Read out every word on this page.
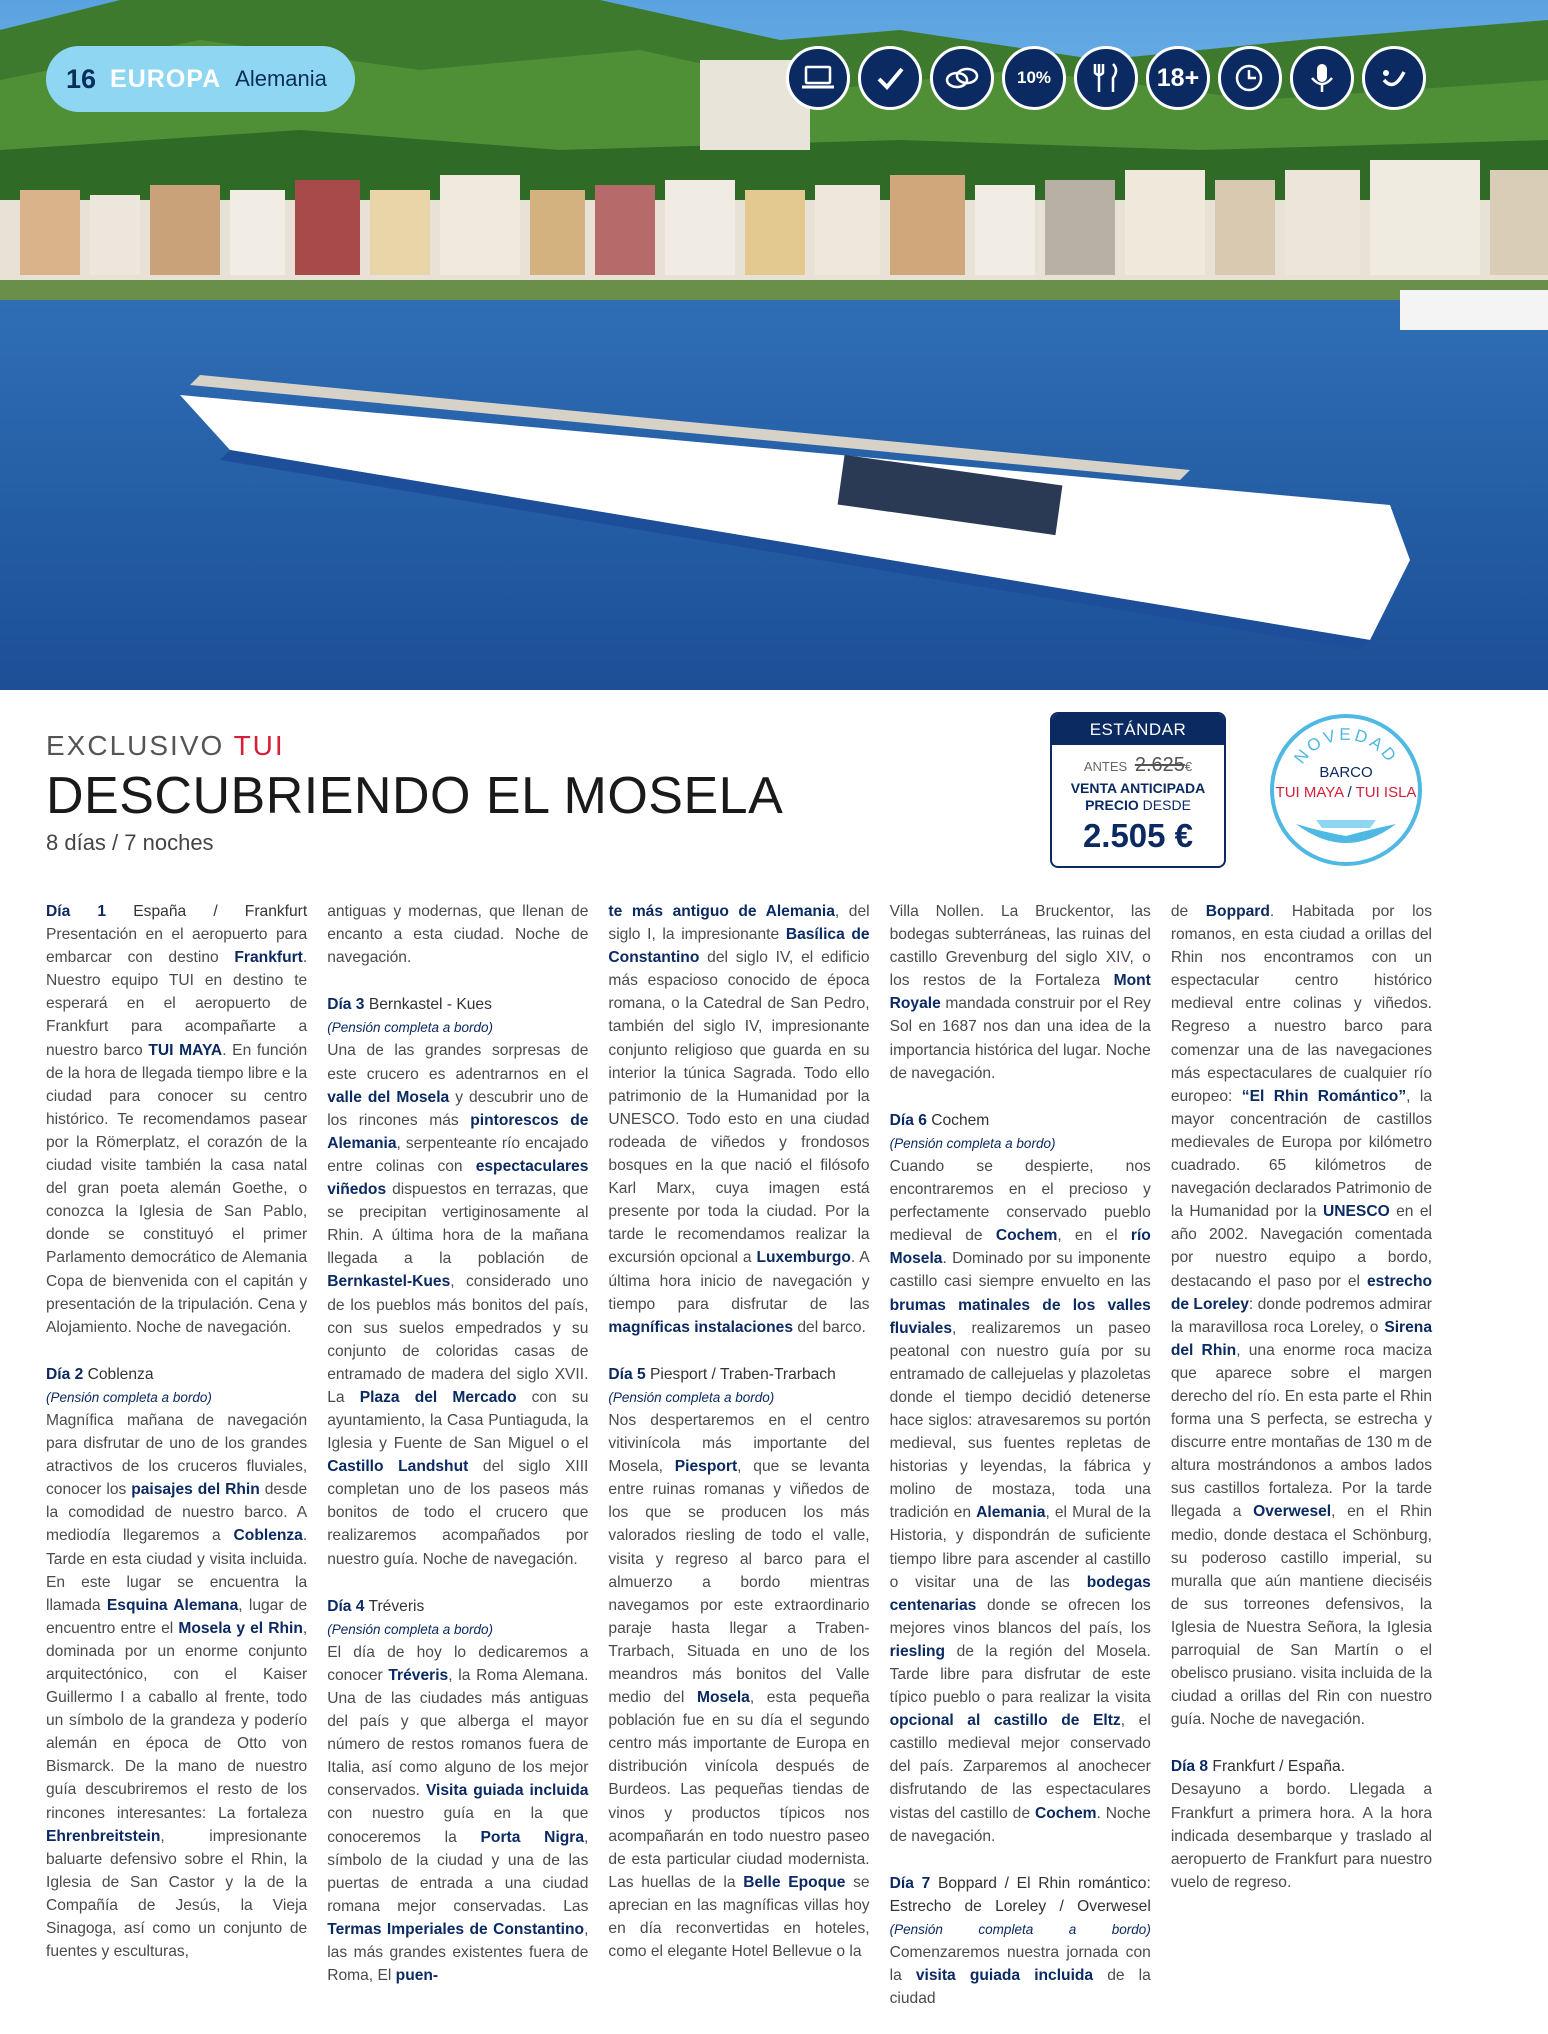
16 EUROPA Alemania	10%	18+
EXCLUSIVO TUI
DESCUBRIENDO EL MOSELA
8 días / 7 noches
ESTÁNDAR
ANTES 2.625€
VENTA ANTICIPADA
PRECIO DESDE
2.505 €
NOVEDAD
BARCO
TUI MAYA / TUI ISLA

Día 1 España / Frankfurt Presentación en el aeropuerto para embarcar con destino Frankfurt. Nuestro equipo TUI en destino te esperará en el aeropuerto de Frankfurt para acompañarte a nuestro barco TUI MAYA. En función de la hora de llegada tiempo libre e la ciudad para conocer su centro histórico. Te recomendamos pasear por la Römerplatz, el corazón de la ciudad visite también la casa natal del gran poeta alemán Goethe, o conozca la Iglesia de San Pablo, donde se constituyó el primer Parlamento democrático de Alemania Copa de bienvenida con el capitán y presentación de la tripulación. Cena y Alojamiento. Noche de navegación.

Día 2 Coblenza
(Pensión completa a bordo)
Magnífica mañana de navegación para disfrutar de uno de los grandes atractivos de los cruceros fluviales, conocer los paisajes del Rhin desde la comodidad de nuestro barco. A mediodía llegaremos a Coblenza. Tarde en esta ciudad y visita incluida. En este lugar se encuentra la llamada Esquina Alemana, lugar de encuentro entre el Mosela y el Rhin, dominada por un enorme conjunto arquitectónico, con el Kaiser Guillermo I a caballo al frente, todo un símbolo de la grandeza y poderío alemán en época de Otto von Bismarck. De la mano de nuestro guía descubriremos el resto de los rincones interesantes: La fortaleza Ehrenbreitstein, impresionante baluarte defensivo sobre el Rhin, la Iglesia de San Castor y la de la Compañía de Jesús, la Vieja Sinagoga, así como un conjunto de fuentes y esculturas,

antiguas y modernas, que llenan de encanto a esta ciudad. Noche de navegación.

Día 3 Bernkastel - Kues
(Pensión completa a bordo)
Una de las grandes sorpresas de este crucero es adentrarnos en el valle del Mosela y descubrir uno de los rincones más pintorescos de Alemania, serpenteante río encajado entre colinas con espectaculares viñedos dispuestos en terrazas, que se precipitan vertiginosamente al Rhin. A última hora de la mañana llegada a la población de Bernkastel-Kues, considerado uno de los pueblos más bonitos del país, con sus suelos empedrados y su conjunto de coloridas casas de entramado de madera del siglo XVII. La Plaza del Mercado con su ayuntamiento, la Casa Puntiaguda, la Iglesia y Fuente de San Miguel o el Castillo Landshut del siglo XIII completan uno de los paseos más bonitos de todo el crucero que realizaremos acompañados por nuestro guía. Noche de navegación.

Día 4 Tréveris
(Pensión completa a bordo)
El día de hoy lo dedicaremos a conocer Tréveris, la Roma Alemana. Una de las ciudades más antiguas del país y que alberga el mayor número de restos romanos fuera de Italia, así como alguno de los mejor conservados. Visita guiada incluida con nuestro guía en la que conoceremos la Porta Nigra, símbolo de la ciudad y una de las puertas de entrada a una ciudad romana mejor conservadas. Las Termas Imperiales de Constantino, las más grandes existentes fuera de Roma, El puen-

te más antiguo de Alemania, del siglo I, la impresionante Basílica de Constantino del siglo IV, el edificio más espacioso conocido de época romana, o la Catedral de San Pedro, también del siglo IV, impresionante conjunto religioso que guarda en su interior la túnica Sagrada. Todo ello patrimonio de la Humanidad por la UNESCO. Todo esto en una ciudad rodeada de viñedos y frondosos bosques en la que nació el filósofo Karl Marx, cuya imagen está presente por toda la ciudad. Por la tarde le recomendamos realizar la excursión opcional a Luxemburgo. A última hora inicio de navegación y tiempo para disfrutar de las magníficas instalaciones del barco.

Día 5 Piesport / Traben-Trarbach
(Pensión completa a bordo)
Nos despertaremos en el centro vitivinícola más importante del Mosela, Piesport, que se levanta entre ruinas romanas y viñedos de los que se producen los más valorados riesling de todo el valle, visita y regreso al barco para el almuerzo a bordo mientras navegamos por este extraordinario paraje hasta llegar a Traben-Trarbach, Situada en uno de los meandros más bonitos del Valle medio del Mosela, esta pequeña población fue en su día el segundo centro más importante de Europa en distribución vinícola después de Burdeos. Las pequeñas tiendas de vinos y productos típicos nos acompañarán en todo nuestro paseo de esta particular ciudad modernista. Las huellas de la Belle Epoque se aprecian en las magníficas villas hoy en día reconvertidas en hoteles, como el elegante Hotel Bellevue o la

Villa Nollen. La Bruckentor, las bodegas subterráneas, las ruinas del castillo Grevenburg del siglo XIV, o los restos de la Fortaleza Mont Royale mandada construir por el Rey Sol en 1687 nos dan una idea de la importancia histórica del lugar. Noche de navegación.

Día 6 Cochem
(Pensión completa a bordo)
Cuando se despierte, nos encontraremos en el precioso y perfectamente conservado pueblo medieval de Cochem, en el río Mosela. Dominado por su imponente castillo casi siempre envuelto en las brumas matinales de los valles fluviales, realizaremos un paseo peatonal con nuestro guía por su entramado de callejuelas y plazoletas donde el tiempo decidió detenerse hace siglos: atravesaremos su portón medieval, sus fuentes repletas de historias y leyendas, la fábrica y molino de mostaza, toda una tradición en Alemania, el Mural de la Historia, y dispondrán de suficiente tiempo libre para ascender al castillo o visitar una de las bodegas centenarias donde se ofrecen los mejores vinos blancos del país, los riesling de la región del Mosela. Tarde libre para disfrutar de este típico pueblo o para realizar la visita opcional al castillo de Eltz, el castillo medieval mejor conservado del país. Zarparemos al anochecer disfrutando de las espectaculares vistas del castillo de Cochem. Noche de navegación.

Día 7 Boppard / El Rhin romántico: Estrecho de Loreley / Overwesel (Pensión completa a bordo) Comenzaremos nuestra jornada con la visita guiada incluida de la ciudad

de Boppard. Habitada por los romanos, en esta ciudad a orillas del Rhin nos encontramos con un espectacular centro histórico medieval entre colinas y viñedos. Regreso a nuestro barco para comenzar una de las navegaciones más espectaculares de cualquier río europeo: “El Rhin Romántico”, la mayor concentración de castillos medievales de Europa por kilómetro cuadrado. 65 kilómetros de navegación declarados Patrimonio de la Humanidad por la UNESCO en el año 2002. Navegación comentada por nuestro equipo a bordo, destacando el paso por el estrecho de Loreley: donde podremos admirar la maravillosa roca Loreley, o Sirena del Rhin, una enorme roca maciza que aparece sobre el margen derecho del río. En esta parte el Rhin forma una S perfecta, se estrecha y discurre entre montañas de 130 m de altura mostrándonos a ambos lados sus castillos fortaleza. Por la tarde llegada a Overwesel, en el Rhin medio, donde destaca el Schönburg, su poderoso castillo imperial, su muralla que aún mantiene dieciséis de sus torreones defensivos, la Iglesia de Nuestra Señora, la Iglesia parroquial de San Martín o el obelisco prusiano. visita incluida de la ciudad a orillas del Rin con nuestro guía. Noche de navegación.

Día 8 Frankfurt / España.
Desayuno a bordo. Llegada a Frankfurt a primera hora. A la hora indicada desembarque y traslado al aeropuerto de Frankfurt para nuestro vuelo de regreso.
